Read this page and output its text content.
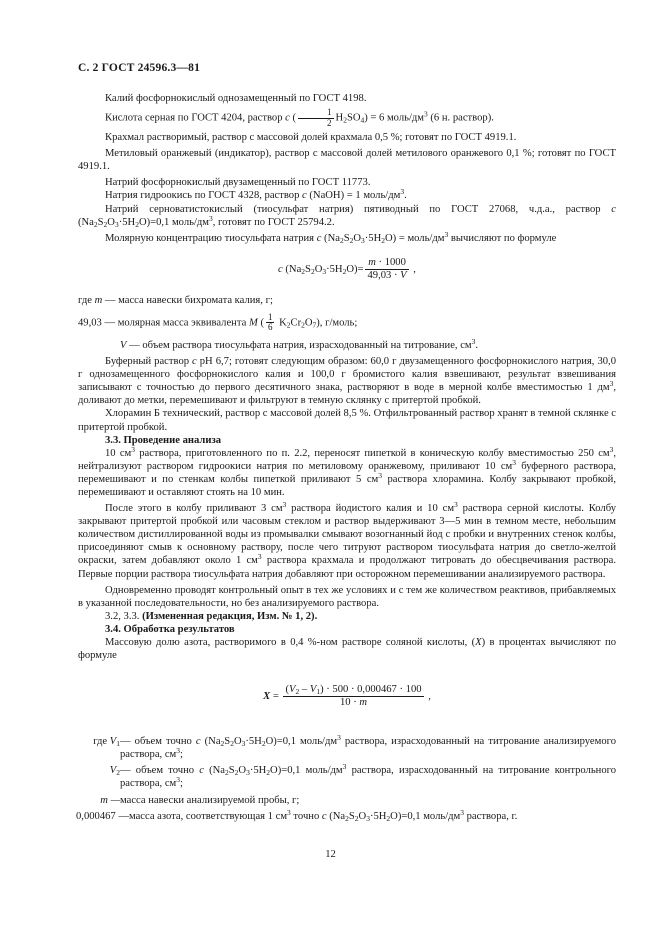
С. 2 ГОСТ 24596.3—81

Калий фосфорнокислый однозамещенный по ГОСТ 4198.

Кислота серная по ГОСТ 4204, раствор c ( $\frac{1}{2} H_2SO_4) = 6$ моль/$дм^3$ (6 н. раствор).

Крахмал растворимый, раствор с массовой долей крахмала 0,5 %; готовят по ГОСТ 4919.1.

Метиловый оранжевый (индикатор), раствор с массовой долей метилового оранжевого 0,1 %; готовят по ГОСТ 4919.1.

Натрий фосфорнокислый двузамещенный по ГОСТ 11773.

Натрия гидроокись по ГОСТ 4328, раствор c (NaOH) = 1 моль/$дм^3$.

Натрий серноватистокислый (тиосульфат натрия) пятиводный по ГОСТ 27068, ч.д.а., раствор c $(Na_2S_2O_3\cdot 5H_2O)=0,1$ моль/$дм^3$, готовят по ГОСТ 25794.2.

Молярную концентрацию тиосульфата натрия c $(Na_2S_2O_3\cdot 5H_2O)$ = моль/$дм^3$ вычисляют по формуле

c $(Na_2S_2O_3\cdot 5H_2O)= \frac{m \cdot 1000}{49,03 \cdot V}$ ,

где m — масса навески бихромата калия, г;

49,03 — молярная масса эквивалента M ( $\frac{1}{6} K_2Cr_2O_7$), г/моль;

V — объем раствора тиосульфата натрия, израсходованный на титрование, $см^3$.

Буферный раствор c pH 6,7; готовят следующим образом: 60,0 г двузамещенного фосфорнокислого натрия, 30,0 г однозамещенного фосфорнокислого калия и 100,0 г бромистого калия взвешивают, результат взвешивания записывают с точностью до первого десятичного знака, растворяют в воде в мерной колбе вместимостью 1 $дм^3$, доливают до метки, перемешивают и фильтруют в темную склянку с притертой пробкой.

Хлорамин Б технический, раствор с массовой долей 8,5 %. Отфильтрованный раствор хранят в темной склянке с притертой пробкой.

3.3. Проведение анализа

10 $см^3$ раствора, приготовленного по п. 2.2, переносят пипеткой в коническую колбу вместимостью 250 $см^3$, нейтрализуют раствором гидроокиси натрия по метиловому оранжевому, приливают 10 $см^3$ буферного раствора, перемешивают и по стенкам колбы пипеткой приливают 5 $см^3$ раствора хлорамина. Колбу закрывают пробкой, перемешивают и оставляют стоять на 10 мин.

После этого в колбу приливают 3 $см^3$ раствора йодистого калия и 10 $см^3$ раствора серной кислоты. Колбу закрывают притертой пробкой или часовым стеклом и раствор выдерживают 3—5 мин в темном месте, небольшим количеством дистиллированной воды из промывалки смывают возогнанный йод с пробки и внутренних стенок колбы, присоединяют смыв к основному раствору, после чего титруют раствором тиосульфата натрия до светло-желтой окраски, затем добавляют около 1 $см^3$ раствора крахмала и продолжают титровать до обесцвечивания раствора. Первые порции раствора тиосульфата натрия добавляют при осторожном перемешивании анализируемого раствора.

Одновременно проводят контрольный опыт в тех же условиях и с тем же количеством реактивов, прибавляемых в указанной последовательности, но без анализируемого раствора.

3.2, 3.3. (Измененная редакция, Изм. № 1, 2).

3.4. Обработка результатов

Массовую долю азота, растворимого в 0,4 %-ном растворе соляной кислоты, (X) в процентах вычисляют по формуле

$X = \frac{(V_2 - V_1) \cdot 500 \cdot 0,000467 \cdot 100}{10 \cdot m}$ ,
где $V_1$ — объем точно c $(Na_2S_2O_3\cdot 5H_2O)=0,1$ моль/$дм^3$ раствора, израсходованный на титрование анализируемого раствора, $см^3$;
$V_2$ — объем точно c $(Na_2S_2O_3\cdot 5H_2O)=0,1$ моль/$дм^3$ раствора, израсходованный на титрование контрольного раствора, $см^3$;
m — масса навески анализируемой пробы, г;
0,000467 — масса азота, соответствующая 1 $см^3$ точно c $(Na_2S_2O_3\cdot 5H_2O)=0,1$ моль/$дм^3$ раствора, г.
12
